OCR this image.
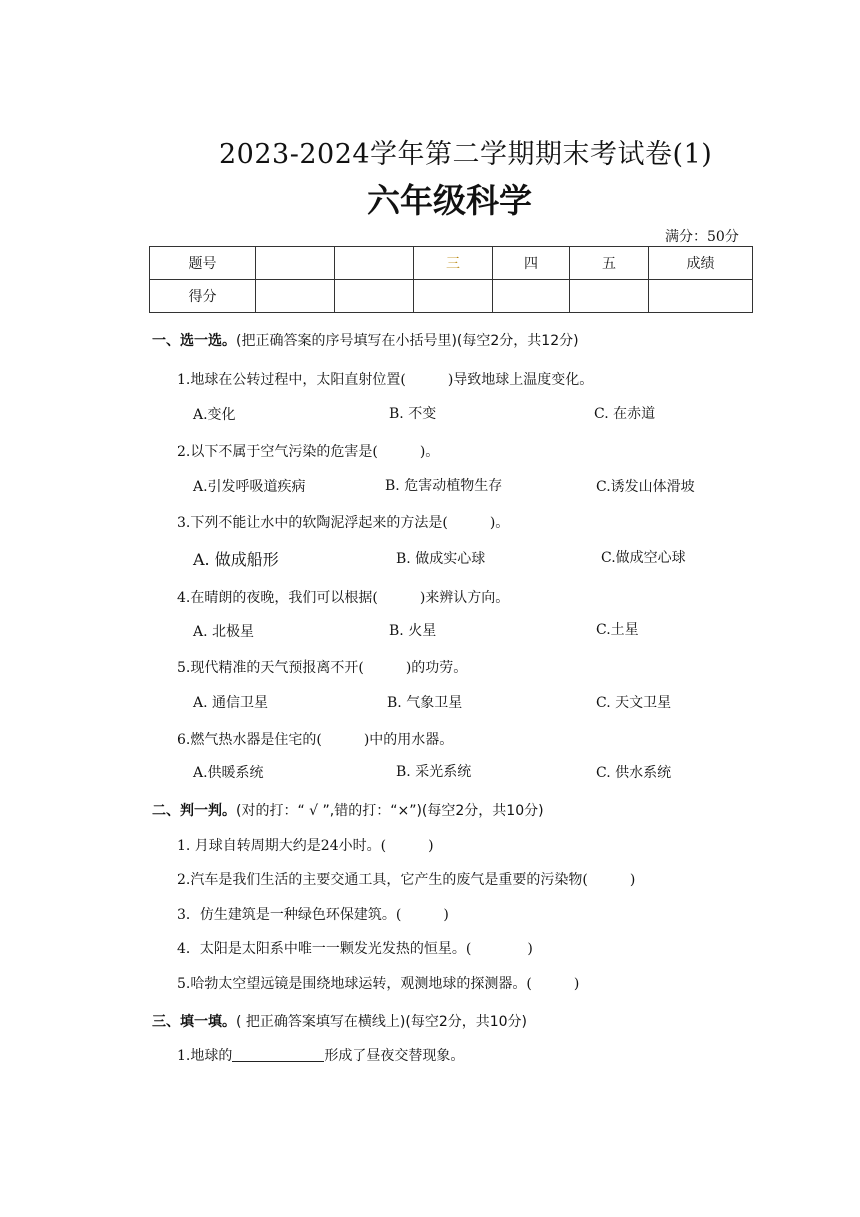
2023-2024学年第二学期期末考试卷(1)
六年级科学
满分：50分
题号			三	四	五	成绩
得分						
一、选一选。(把正确答案的序号填写在小括号里)(每空2分，共12分)
1.地球在公转过程中，太阳直射位置(　　　)导致地球上温度变化。
A.变化	B. 不变	C. 在赤道
2.以下不属于空气污染的危害是(　　　)。
A.引发呼吸道疾病	B. 危害动植物生存	C.诱发山体滑坡
3.下列不能让水中的软陶泥浮起来的方法是(　　　)。
A. 做成船形	B. 做成实心球	C.做成空心球
4.在晴朗的夜晚，我们可以根据(　　　)来辨认方向。
A. 北极星	B. 火星	C.土星
5.现代精准的天气预报离不开(　　　)的功劳。
A. 通信卫星	B. 气象卫星	C. 天文卫星
6.燃气热水器是住宅的(　　　)中的用水器。
A.供暖系统	B. 采光系统	C. 供水系统
二、判一判。(对的打：“ √ ”,错的打：“×”)(每空2分，共10分)
1. 月球自转周期大约是24小时。(　　　)
2.汽车是我们生活的主要交通工具，它产生的废气是重要的污染物(　　　)
3．仿生建筑是一种绿色环保建筑。(　　　)
4．太阳是太阳系中唯一一颗发光发热的恒星。(　　　　)
5.哈勃太空望远镜是围绕地球运转，观测地球的探测器。(　　　)
三、填一填。( 把正确答案填写在横线上)(每空2分，共10分)
1.地球的	形成了昼夜交替现象。
